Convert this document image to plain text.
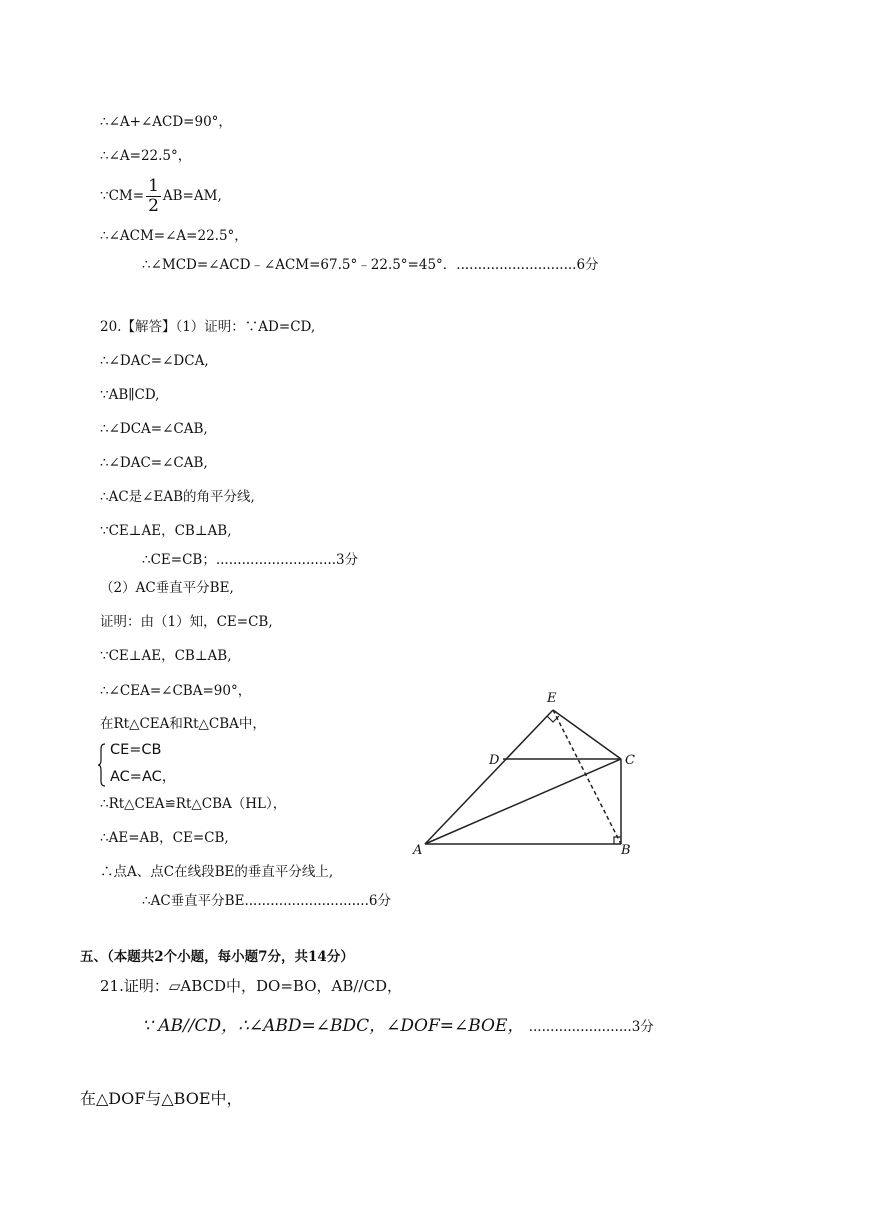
∴∠A+∠ACD=90°，
∴∠A=22.5°，
∵CM= $\frac{1}{2} AB=AM$,
∴∠ACM=∠A=22.5°，
∴∠MCD=∠ACD﹣∠ACM=67.5°﹣22.5°=45°．............................6分
20.【解答】（1）证明：∵AD=CD,
∴∠DAC=∠DCA,
∵AB∥CD,
∴∠DCA=∠CAB,
∴∠DAC=∠CAB,
∴AC是∠EAB的角平分线,
∵CE⊥AE，CB⊥AB,
∴CE=CB；............................3分
（2）AC垂直平分BE,
证明：由（1）知，CE=CB,
∵CE⊥AE，CB⊥AB,
∴∠CEA=∠CBA=90°，
在Rt△CEA和Rt△CBA中，
CE=CB
AC=AC，
∴Rt△CEA≌Rt△CBA（HL），
∴AE=AB，CE=CB,
∴点A、点C在线段BE的垂直平分线上,
∴AC垂直平分BE.............................6分
E
D	C
A	B
五、（本题共2个小题，每小题7分，共14分）
21.证明：▱ABCD中，DO=BO，AB//CD，
∵ AB//CD，∴∠ABD=∠BDC，∠DOF=∠BOE， ........................3分
在△DOF与△BOE中，
